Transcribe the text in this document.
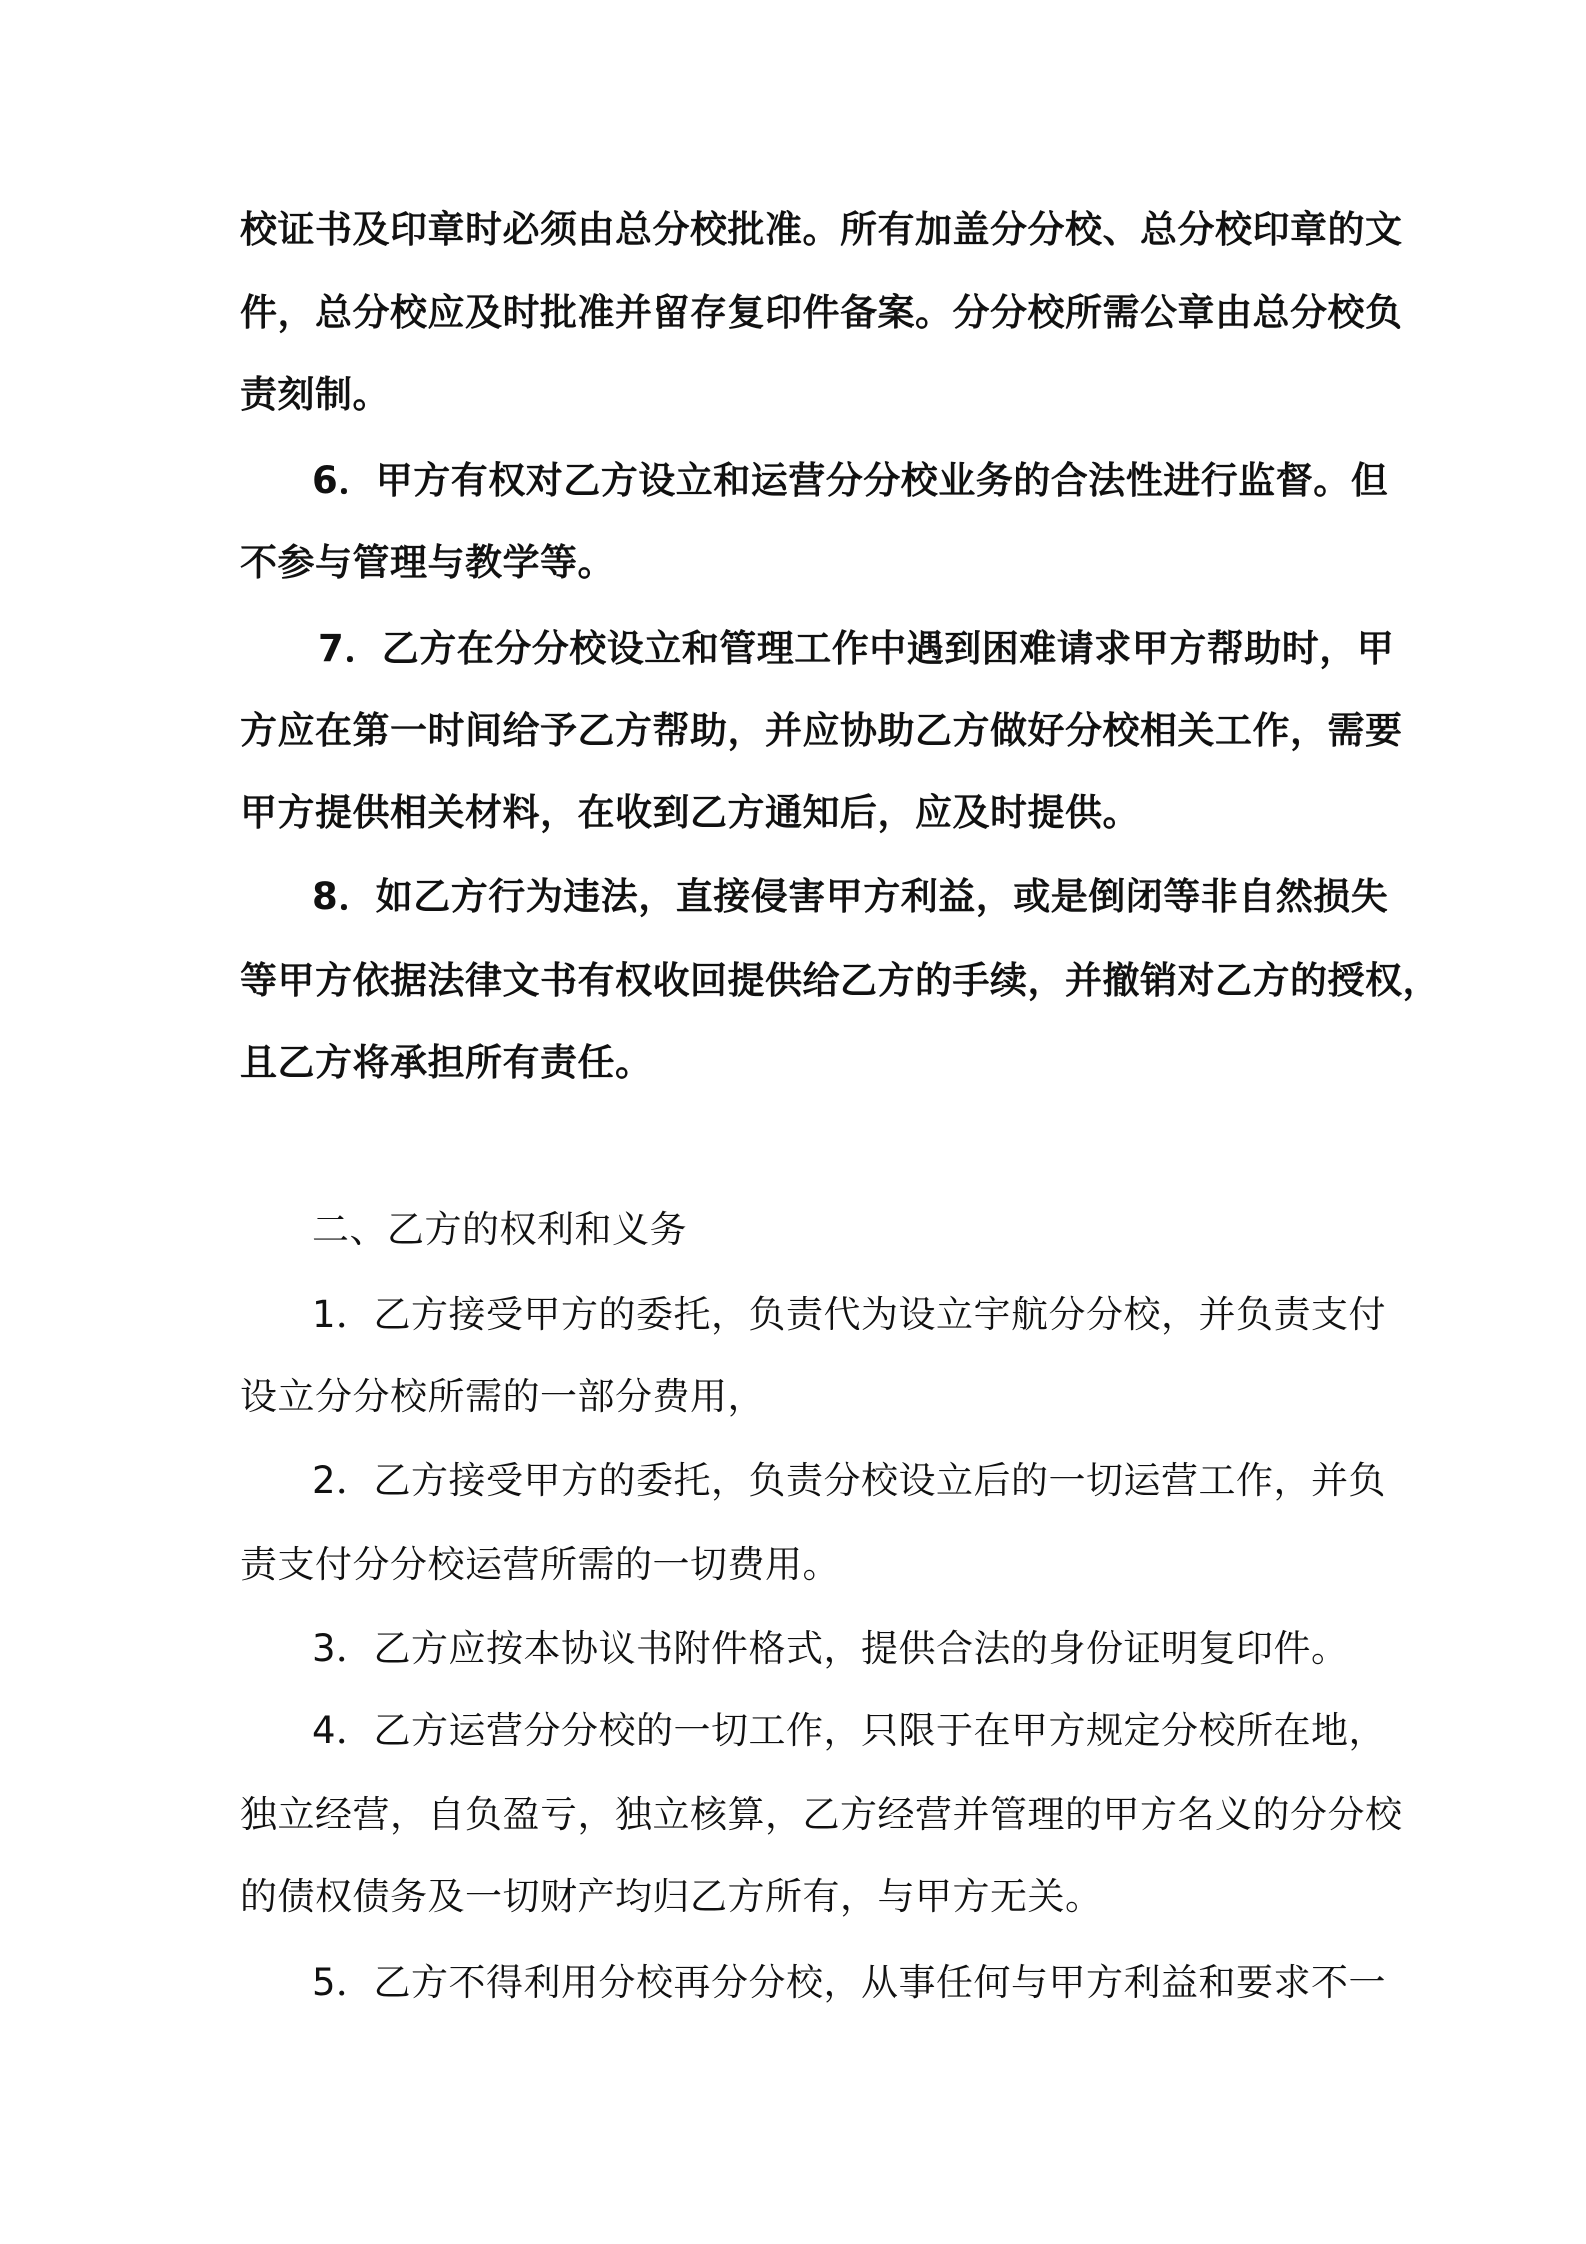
校证书及印章时必须由总分校批准。所有加盖分分校、总分校印章的文
件，总分校应及时批准并留存复印件备案。分分校所需公章由总分校负
责刻制。
6．甲方有权对乙方设立和运营分分校业务的合法性进行监督。但
不参与管理与教学等。
7．乙方在分分校设立和管理工作中遇到困难请求甲方帮助时，甲
方应在第一时间给予乙方帮助，并应协助乙方做好分校相关工作，需要
甲方提供相关材料，在收到乙方通知后，应及时提供。
8．如乙方行为违法，直接侵害甲方利益，或是倒闭等非自然损失
等甲方依据法律文书有权收回提供给乙方的手续，并撤销对乙方的授权，
且乙方将承担所有责任。
二、乙方的权利和义务
1．乙方接受甲方的委托，负责代为设立宇航分分校，并负责支付
设立分分校所需的一部分费用，
2．乙方接受甲方的委托，负责分校设立后的一切运营工作，并负
责支付分分校运营所需的一切费用。
3．乙方应按本协议书附件格式，提供合法的身份证明复印件。
4．乙方运营分分校的一切工作，只限于在甲方规定分校所在地，
独立经营，自负盈亏，独立核算，乙方经营并管理的甲方名义的分分校
的债权债务及一切财产均归乙方所有，与甲方无关。
5．乙方不得利用分校再分分校，从事任何与甲方利益和要求不一
